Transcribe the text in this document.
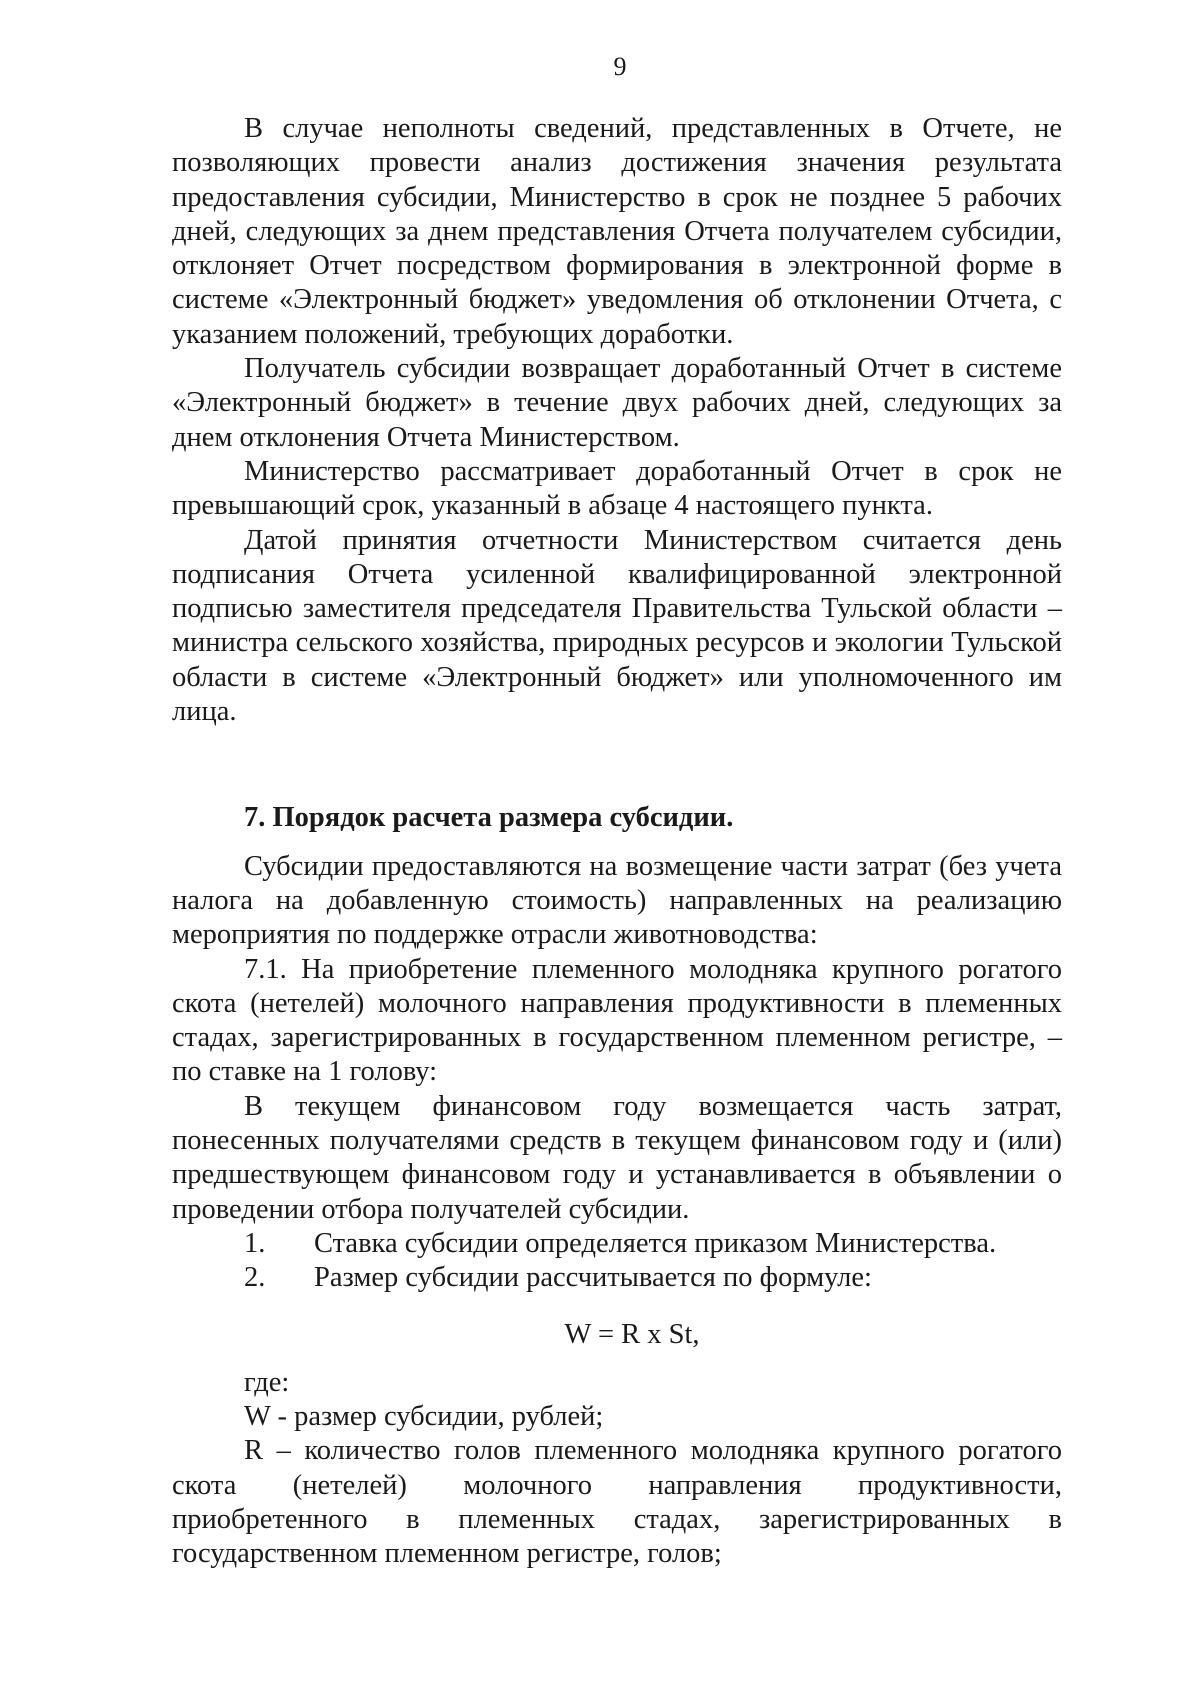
9

В случае неполноты сведений, представленных в Отчете, не позволяющих провести анализ достижения значения результата предоставления субсидии, Министерство в срок не позднее 5 рабочих дней, следующих за днем представления Отчета получателем субсидии, отклоняет Отчет посредством формирования в электронной форме в системе «Электронный бюджет» уведомления об отклонении Отчета, с указанием положений, требующих доработки.

Получатель субсидии возвращает доработанный Отчет в системе «Электронный бюджет» в течение двух рабочих дней, следующих за днем отклонения Отчета Министерством.

Министерство рассматривает доработанный Отчет в срок не превышающий срок, указанный в абзаце 4 настоящего пункта.

Датой принятия отчетности Министерством считается день подписания Отчета усиленной квалифицированной электронной подписью заместителя председателя Правительства Тульской области – министра сельского хозяйства, природных ресурсов и экологии Тульской области в системе «Электронный бюджет» или уполномоченного им лица.

7. Порядок расчета размера субсидии.

Субсидии предоставляются на возмещение части затрат (без учета налога на добавленную стоимость) направленных на реализацию мероприятия по поддержке отрасли животноводства:

7.1. На приобретение племенного молодняка крупного рогатого скота (нетелей) молочного направления продуктивности в племенных стадах, зарегистрированных в государственном племенном регистре, – по ставке на 1 голову:

В текущем финансовом году возмещается часть затрат, понесенных получателями средств в текущем финансовом году и (или) предшествующем финансовом году и устанавливается в объявлении о проведении отбора получателей субсидии.

1. Ставка субсидии определяется приказом Министерства.

2. Размер субсидии рассчитывается по формуле:

W = R x St,

где:

W - размер субсидии, рублей;

R – количество голов племенного молодняка крупного рогатого скота (нетелей) молочного направления продуктивности, приобретенного в племенных стадах, зарегистрированных в государственном племенном регистре, голов;
